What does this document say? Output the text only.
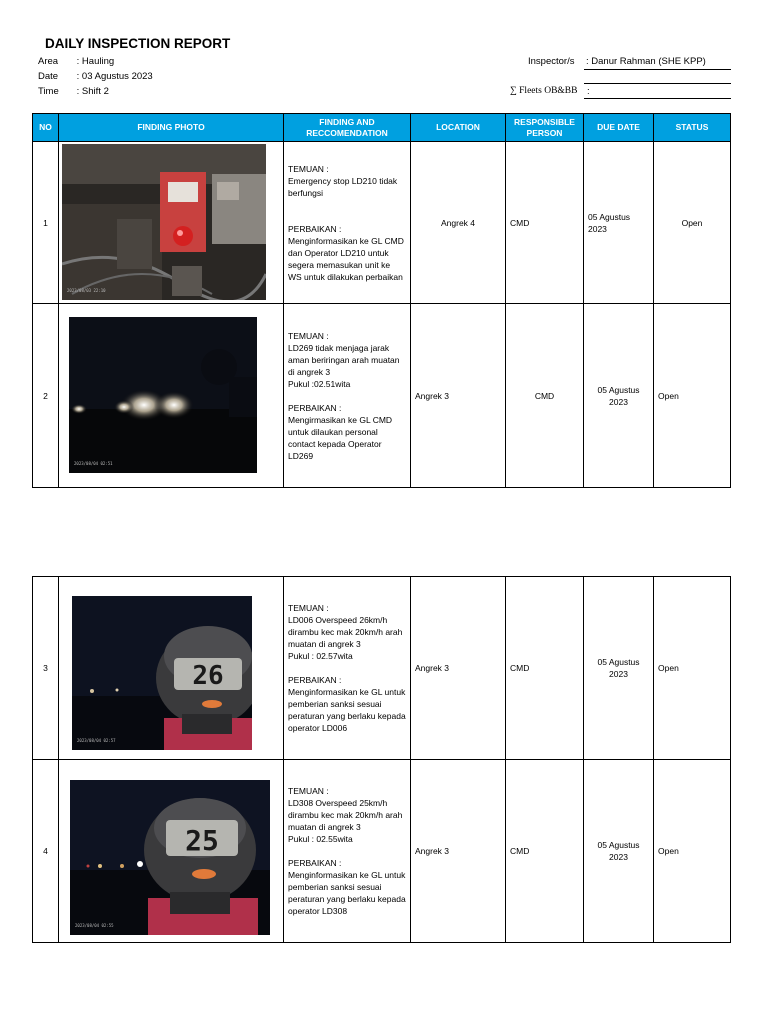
DAILY INSPECTION REPORT
Area : Hauling
Date : 03 Agustus 2023
Time : Shift 2
Inspector/s : Danur Rahman (SHE KPP)
∑ Fleets OB&BB :
NO	FINDING PHOTO	FINDING AND RECCOMENDATION	LOCATION	RESPONSIBLE PERSON	DUE DATE	STATUS
1	2023/08/03 22:10	TEMUAN :
Emergency stop LD210 tidak berfungsi

PERBAIKAN :
Menginformasikan ke GL CMD dan Operator LD210 untuk segera memasukan unit ke WS untuk dilakukan perbaikan	Angrek 4	CMD	05 Agustus 2023	Open
2	2023/08/04 02:51	TEMUAN :
LD269 tidak menjaga jarak aman beriringan arah muatan di angrek 3
Pukul :02.51wita

PERBAIKAN :
Mengirmasikan ke GL CMD untuk dilaukan personal contact kepada Operator LD269	Angrek 3	CMD	05 Agustus 2023	Open
3	26
2023/08/04 02:57	TEMUAN :
LD006 Overspeed 26km/h dirambu kec mak 20km/h arah muatan di angrek 3
Pukul : 02.57wita

PERBAIKAN :
Menginformasikan ke GL untuk pemberian sanksi sesuai peraturan yang berlaku kepada operator LD006	Angrek 3	CMD	05 Agustus 2023	Open
4	25
2023/08/04 02:55	TEMUAN :
LD308 Overspeed 25km/h dirambu kec mak 20km/h arah muatan di angrek 3
Pukul : 02.55wita

PERBAIKAN :
Menginformasikan ke GL untuk pemberian sanksi sesuai peraturan yang berlaku kepada operator LD308	Angrek 3	CMD	05 Agustus 2023	Open
